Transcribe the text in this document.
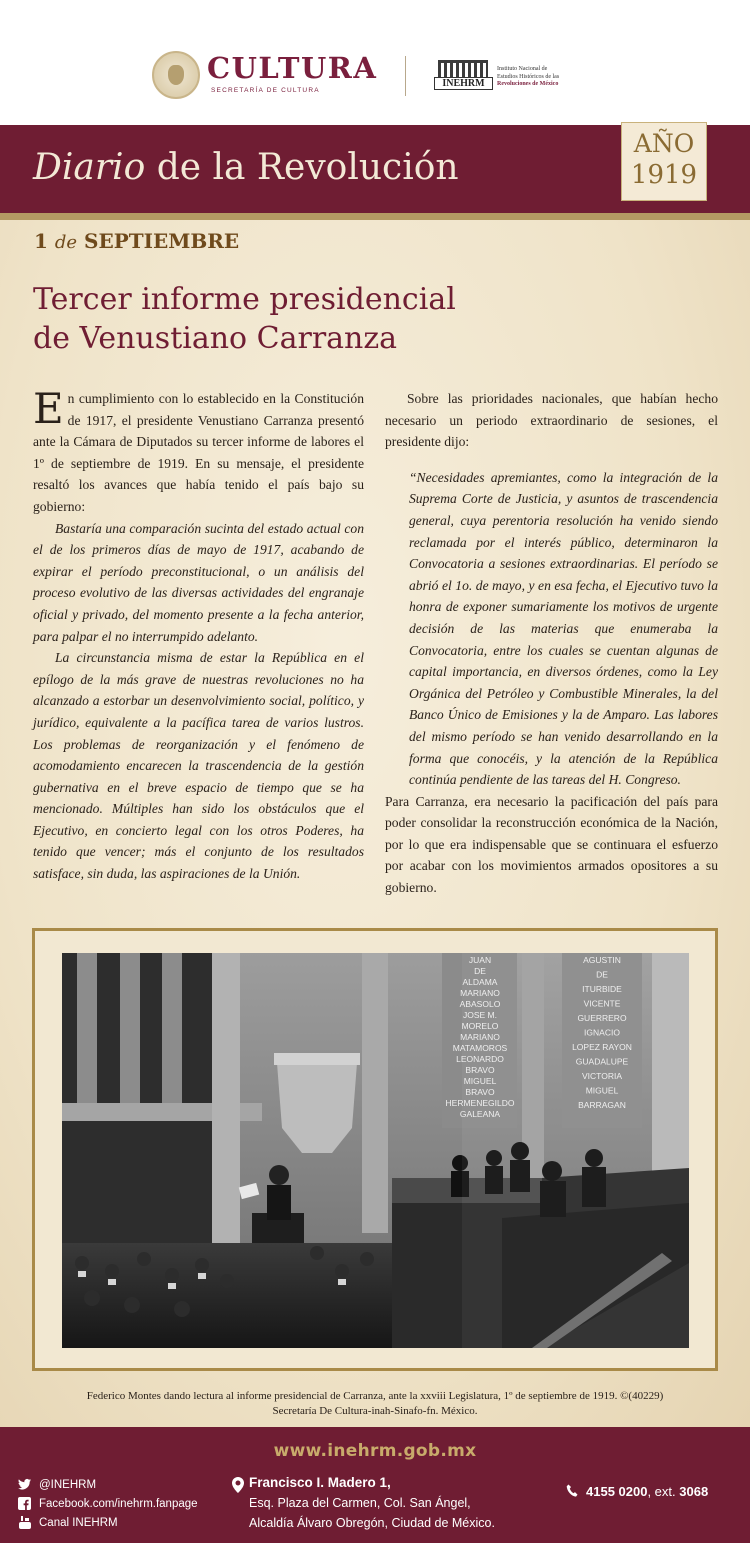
CULTURA
SECRETARÍA DE CULTURA
INEHRM
Instituto Nacional de
Estudios Históricos de las
Revoluciones de México
Diario de la Revolución
AÑO
1919
1 de SEPTIEMBRE
Tercer informe presidencial
de Venustiano Carranza

En cumplimiento con lo establecido en la Constitución de 1917, el presidente Venustiano Carranza presentó ante la Cámara de Diputados su tercer informe de labores el 1º de septiembre de 1919. En su mensaje, el presidente resaltó los avances que había tenido el país bajo su gobierno:

Bastaría una comparación sucinta del estado actual con el de los primeros días de mayo de 1917, acabando de expirar el período preconstitucional, o un análisis del proceso evolutivo de las diversas actividades del engranaje oficial y privado, del momento presente a la fecha anterior, para palpar el no interrumpido adelanto.

La circunstancia misma de estar la República en el epílogo de la más grave de nuestras revoluciones no ha alcanzado a estorbar un desenvolvimiento social, político, y jurídico, equivalente a la pacífica tarea de varios lustros. Los problemas de reorganización y el fenómeno de acomodamiento encarecen la trascendencia de la gestión gubernativa en el breve espacio de tiempo que se ha mencionado. Múltiples han sido los obstáculos que el Ejecutivo, en concierto legal con los otros Poderes, ha tenido que vencer; más el conjunto de los resultados satisface, sin duda, las aspiraciones de la Unión.

Sobre las prioridades nacionales, que habían hecho necesario un periodo extraordinario de sesiones, el presidente dijo:

“Necesidades apremiantes, como la integración de la Suprema Corte de Justicia, y asuntos de trascendencia general, cuya perentoria resolución ha venido siendo reclamada por el interés público, determinaron la Convocatoria a sesiones extraordinarias. El período se abrió el 1o. de mayo, y en esa fecha, el Ejecutivo tuvo la honra de exponer sumariamente los motivos de urgente decisión de las materias que enumeraba la Convocatoria, entre los cuales se cuentan algunas de capital importancia, en diversos órdenes, como la Ley Orgánica del Petróleo y Combustible Minerales, la del Banco Único de Emisiones y la de Amparo. Las labores del mismo período se han venido desarrollando en la forma que conocéis, y la atención de la República continúa pendiente de las tareas del H. Congreso.

Para Carranza, era necesario la pacificación del país para poder consolidar la reconstrucción económica de la Nación, por lo que era indispensable que se continuara el esfuerzo por acabar con los movimientos armados opositores a su gobierno.

JUAN
DE
ALDAMA
MARIANO
ABASOLO
JOSE M.
MORELO
MARIANO
MATAMOROS
LEONARDO
BRAVO
MIGUEL
BRAVO
HERMENEGILDO
GALEANA
AGUSTIN
DE
ITURBIDE
VICENTE
GUERRERO
IGNACIO
LOPEZ RAYON
GUADALUPE
VICTORIA
MIGUEL
BARRAGAN
Federico Montes dando lectura al informe presidencial de Carranza, ante la xxviii Legislatura, 1º de septiembre de 1919. ©(40229)
Secretaría De Cultura-inah-Sinafo-fn. México.
www.inehrm.gob.mx
@INEHRM
Facebook.com/inehrm.fanpage
Canal INEHRM
Francisco I. Madero 1,
Esq. Plaza del Carmen, Col. San Ángel,
Alcaldía Álvaro Obregón, Ciudad de México.
4155 0200, ext. 3068
